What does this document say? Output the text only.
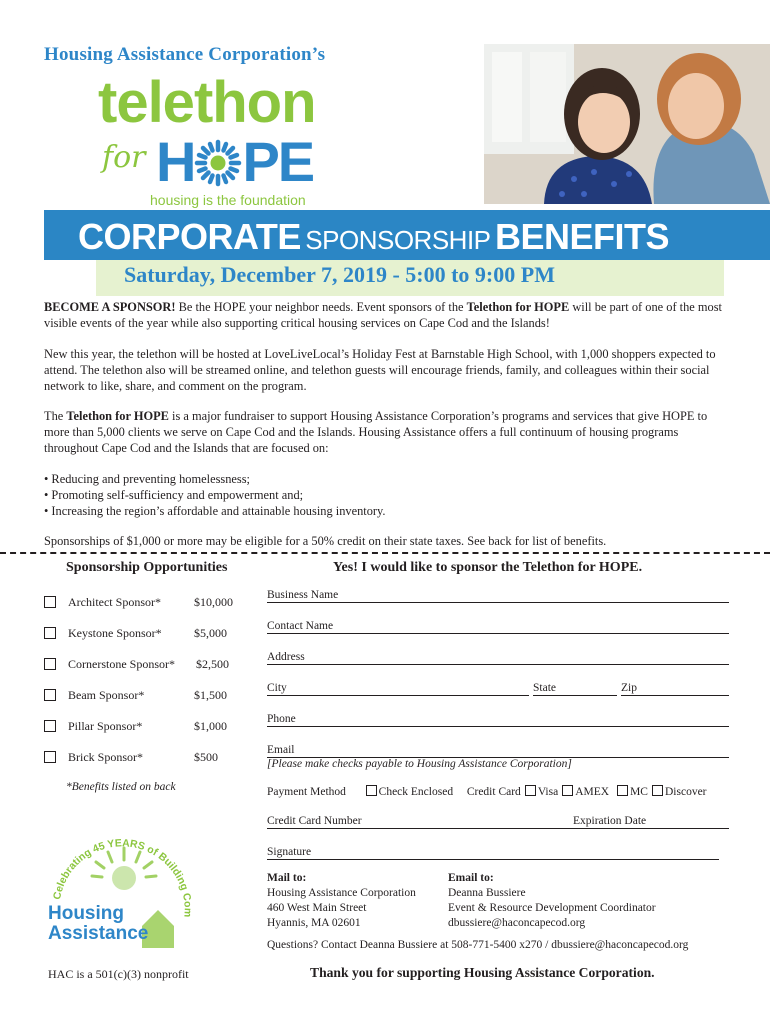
Housing Assistance Corporation’s
telethon
for H PE
housing is the foundation
CORPORATE SPONSORSHIP BENEFITS
Saturday, December 7, 2019 - 5:00 to 9:00 PM
BECOME A SPONSOR! Be the HOPE your neighbor needs. Event sponsors of the Telethon for HOPE will be part of one of the most visible events of the year while also supporting critical housing services on Cape Cod and the Islands!
New this year, the telethon will be hosted at LoveLiveLocal’s Holiday Fest at Barnstable High School, with 1,000 shoppers expected to attend. The telethon also will be streamed online, and telethon guests will encourage friends, family, and colleagues within their social network to like, share, and comment on the program.
The Telethon for HOPE is a major fundraiser to support Housing Assistance Corporation’s programs and services that give HOPE to more than 5,000 clients we serve on Cape Cod and the Islands. Housing Assistance offers a full continuum of housing programs throughout Cape Cod and the Islands that are focused on:
• Reducing and preventing homelessness;
• Promoting self-sufficiency and empowerment and;
• Increasing the region’s affordable and attainable housing inventory.
Sponsorships of $1,000 or more may be eligible for a 50% credit on their state taxes. See back for list of benefits.
Sponsorship Opportunities
Architect Sponsor*	$10,000
Keystone Sponsor*	$5,000
Cornerstone Sponsor* $2,500
Beam Sponsor*	$1,500
Pillar Sponsor*	$1,000
Brick Sponsor*	$500
*Benefits listed on back
Celebrating 45 YEARS of Building Com
Housing
Assistance
HAC is a 501(c)(3) nonprofit
Yes! I would like to sponsor the Telethon for HOPE.
Business Name
Contact Name
Address
City	State	Zip
Phone
Email
[Please make checks payable to Housing Assistance Corporation]
Payment Method	Check Enclosed Credit Card Visa AMEX MC Discover
Credit Card Number	Expiration Date
Signature
Mail to:
Housing Assistance Corporation
460 West Main Street
Hyannis, MA 02601
Email to:
Deanna Bussiere
Event & Resource Development Coordinator
dbussiere@haconcapecod.org
Questions? Contact Deanna Bussiere at 508-771-5400 x270 / dbussiere@haconcapecod.org
Thank you for supporting Housing Assistance Corporation.
